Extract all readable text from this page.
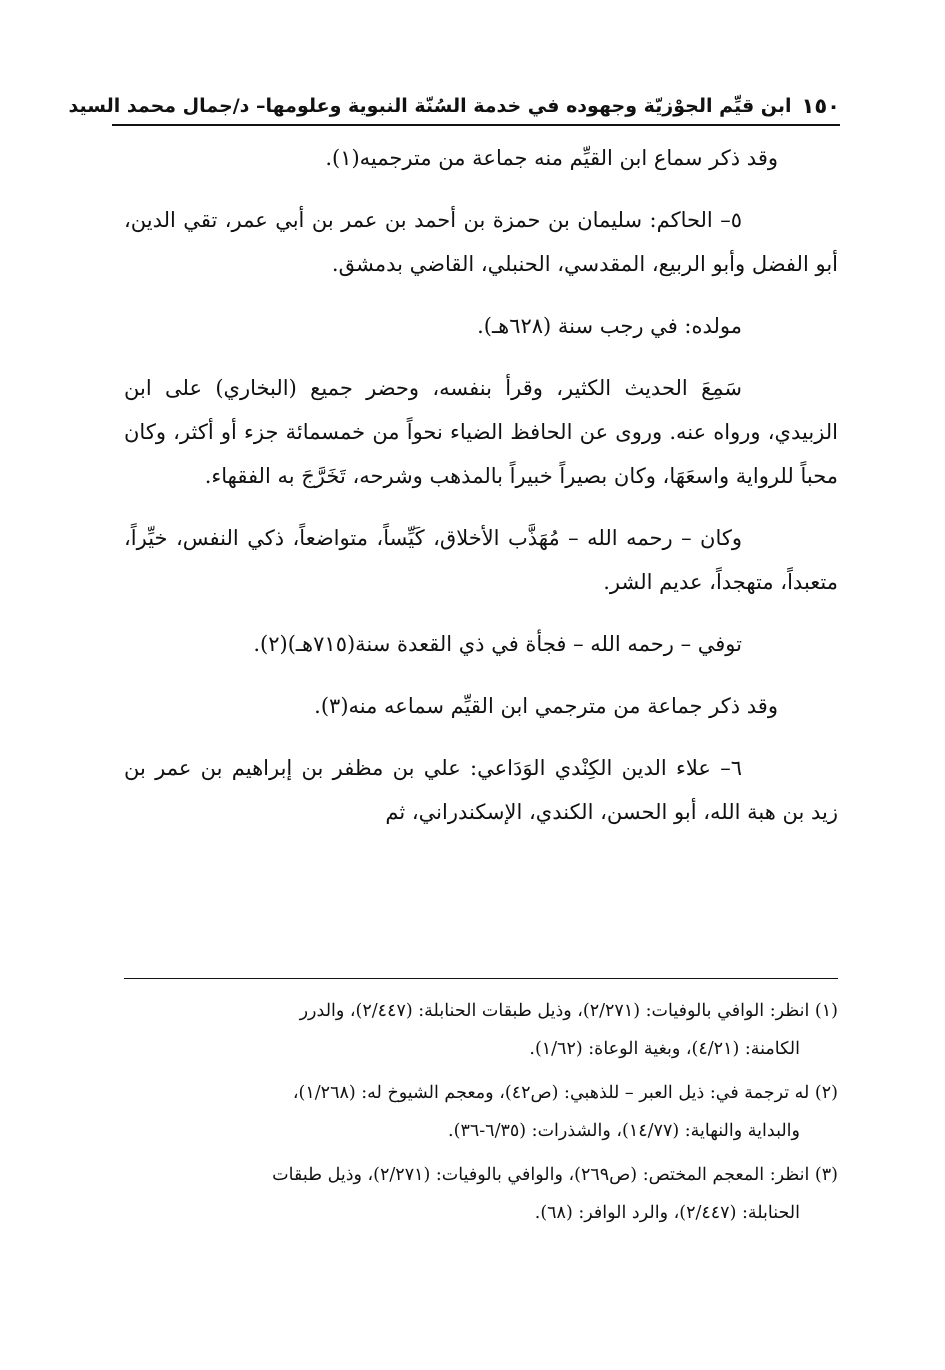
١٥٠
ابن قيِّم الجوْزيّة وجهوده في خدمة السُنّة النبوية وعلومها– د/جمال محمد السيد

وقد ذكر سماع ابن القيِّم منه جماعة من مترجميه(١).

٥– الحاكم: سليمان بن حمزة بن أحمد بن عمر بن أبي عمر، تقي الدين، أبو الفضل وأبو الربيع، المقدسي، الحنبلي، القاضي بدمشق.

مولده: في رجب سنة (٦٢٨هـ).

سَمِعَ الحديث الكثير، وقرأ بنفسه، وحضر جميع (البخاري) على ابن الزبيدي، ورواه عنه. وروى عن الحافظ الضياء نحواً من خمسمائة جزء أو أكثر، وكان محباً للرواية واسعَهَا، وكان بصيراً خبيراً بالمذهب وشرحه، تَخَرَّجَ به الفقهاء.

وكان – رحمه الله – مُهَذَّب الأخلاق، كَيِّساً، متواضعاً، ذكي النفس، خيِّراً، متعبداً، متهجداً، عديم الشر.

توفي – رحمه الله – فجأة في ذي القعدة سنة(٧١٥هـ)(٢).

وقد ذكر جماعة من مترجمي ابن القيِّم سماعه منه(٣).

٦– علاء الدين الكِنْدي الوَدَاعي: علي بن مظفر بن إبراهيم بن عمر بن زيد بن هبة الله، أبو الحسن، الكندي، الإسكندراني، ثم

(١) انظر: الوافي بالوفيات: (٢/٢٧١)، وذيل طبقات الحنابلة: (٢/٤٤٧)، والدرر
الكامنة: (٤/٢١)، وبغية الوعاة: (١/٦٢).
(٢) له ترجمة في: ذيل العبر – للذهبي: (ص٤٢)، ومعجم الشيوخ له: (١/٢٦٨)،
والبداية والنهاية: (١٤/٧٧)، والشذرات: (٦/٣٥-٣٦).
(٣) انظر: المعجم المختص: (ص٢٦٩)، والوافي بالوفيات: (٢/٢٧١)، وذيل طبقات
الحنابلة: (٢/٤٤٧)، والرد الوافر: (٦٨).
